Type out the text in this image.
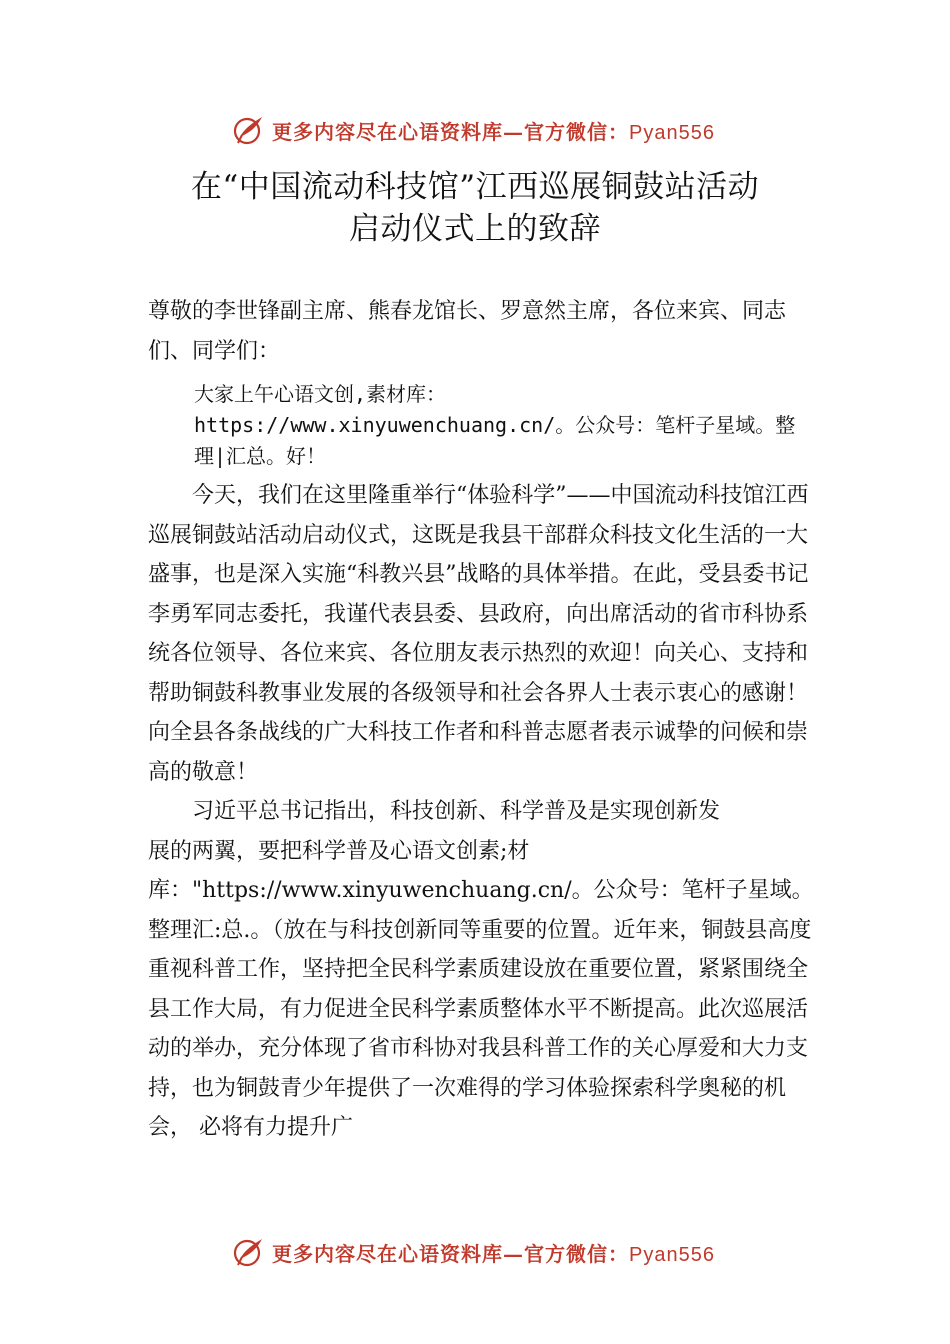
更多内容尽在心语资料库—官方微信：Pyan556
在“中国流动科技馆”江西巡展铜鼓站活动
启动仪式上的致辞

尊敬的李世锋副主席、熊春龙馆长、罗意然主席，各位来宾、同志们、同学们：

大家上午心语文创,素材库：https://www.xinyuwenchuang.cn/。公众号：笔杆子星域。整理|汇总。好！

今天，我们在这里隆重举行“体验科学”——中国流动科技馆江西巡展铜鼓站活动启动仪式，这既是我县干部群众科技文化生活的一大盛事，也是深入实施“科教兴县”战略的具体举措。在此，受县委书记李勇军同志委托，我谨代表县委、县政府，向出席活动的省市科协系统各位领导、各位来宾、各位朋友表示热烈的欢迎！向关心、支持和帮助铜鼓科教事业发展的各级领导和社会各界人士表示衷心的感谢！向全县各条战线的广大科技工作者和科普志愿者表示诚挚的问候和崇高的敬意！

习近平总书记指出，科技创新、科学普及是实现创新发

展的两翼，要把科学普及心语文创素;材库："https://www.xinyuwenchuang.cn/。公众号：笔杆子星域。整理汇:总.。（放在与科技创新同等重要的位置。近年来，铜鼓县高度重视科普工作，坚持把全民科学素质建设放在重要位置，紧紧围绕全县工作大局，有力促进全民科学素质整体水平不断提高。此次巡展活动的举办，充分体现了省市科协对我县科普工作的关心厚爱和大力支持，也为铜鼓青少年提供了一次难得的学习体验探索科学奥秘的机会， 必将有力提升广

更多内容尽在心语资料库—官方微信：Pyan556
